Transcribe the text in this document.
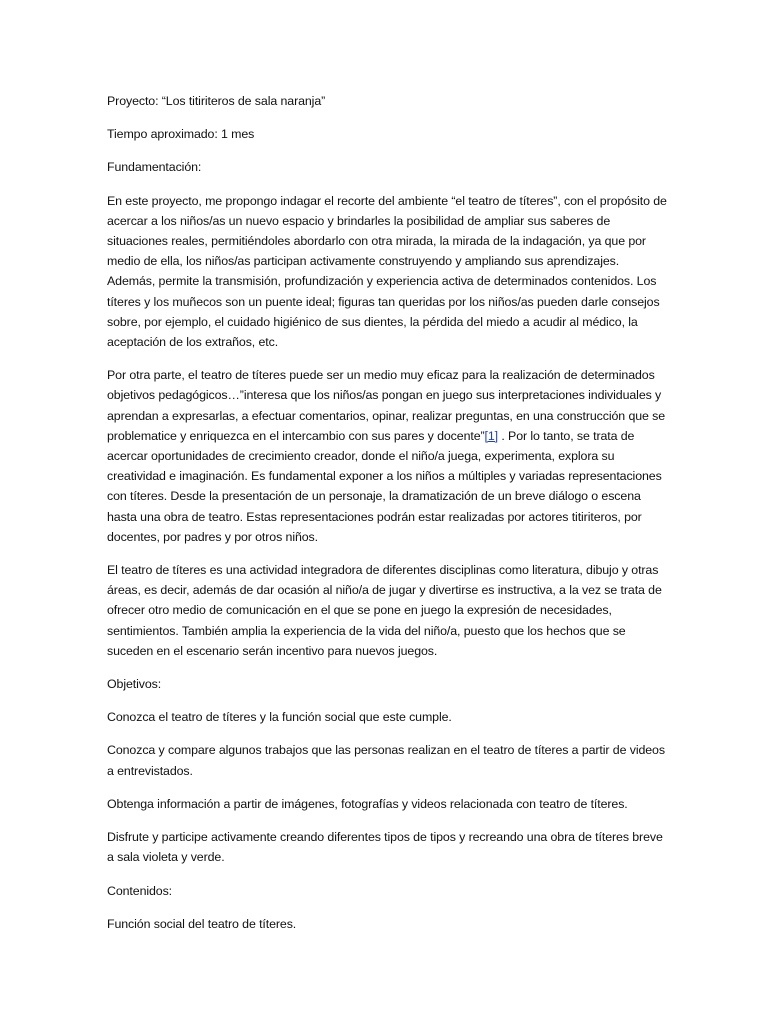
Proyecto: “Los titiriteros de sala naranja”

Tiempo aproximado: 1 mes

Fundamentación:

En este proyecto, me propongo indagar el recorte del ambiente “el teatro de títeres”, con el propósito de acercar a los niños/as un nuevo espacio y brindarles la posibilidad de ampliar sus saberes de situaciones reales, permitiéndoles abordarlo con otra mirada, la mirada de la indagación, ya que por medio de ella, los niños/as participan activamente construyendo y ampliando sus aprendizajes. Además, permite la transmisión, profundización y experiencia activa de determinados contenidos. Los títeres y los muñecos son un puente ideal; figuras tan queridas por los niños/as pueden darle consejos sobre, por ejemplo, el cuidado higiénico de sus dientes, la pérdida del miedo a acudir al médico, la aceptación de los extraños, etc.

Por otra parte, el teatro de títeres puede ser un medio muy eficaz para la realización de determinados objetivos pedagógicos…”interesa que los niños/as pongan en juego sus interpretaciones individuales y aprendan a expresarlas, a efectuar comentarios, opinar, realizar preguntas, en una construcción que se problematice y enriquezca en el intercambio con sus pares y docente”[1] . Por lo tanto, se trata de acercar oportunidades de crecimiento creador, donde el niño/a juega, experimenta, explora su creatividad e imaginación. Es fundamental exponer a los niños a múltiples y variadas representaciones con títeres. Desde la presentación de un personaje, la dramatización de un breve diálogo o escena hasta una obra de teatro. Estas representaciones podrán estar realizadas por actores titiriteros, por docentes, por padres y por otros niños.

El teatro de títeres es una actividad integradora de diferentes disciplinas como literatura, dibujo y otras áreas, es decir, además de dar ocasión al niño/a de jugar y divertirse es instructiva, a la vez se trata de ofrecer otro medio de comunicación en el que se pone en juego la expresión de necesidades, sentimientos. También amplia la experiencia de la vida del niño/a, puesto que los hechos que se suceden en el escenario serán incentivo para nuevos juegos.

Objetivos:

Conozca el teatro de títeres y la función social que este cumple.

Conozca y compare algunos trabajos que las personas realizan en el teatro de títeres a partir de videos a entrevistados.

Obtenga información a partir de imágenes, fotografías y videos relacionada con teatro de títeres.

Disfrute y participe activamente creando diferentes tipos de tipos y recreando una obra de títeres breve a sala violeta y verde.

Contenidos:

Función social del teatro de títeres.
